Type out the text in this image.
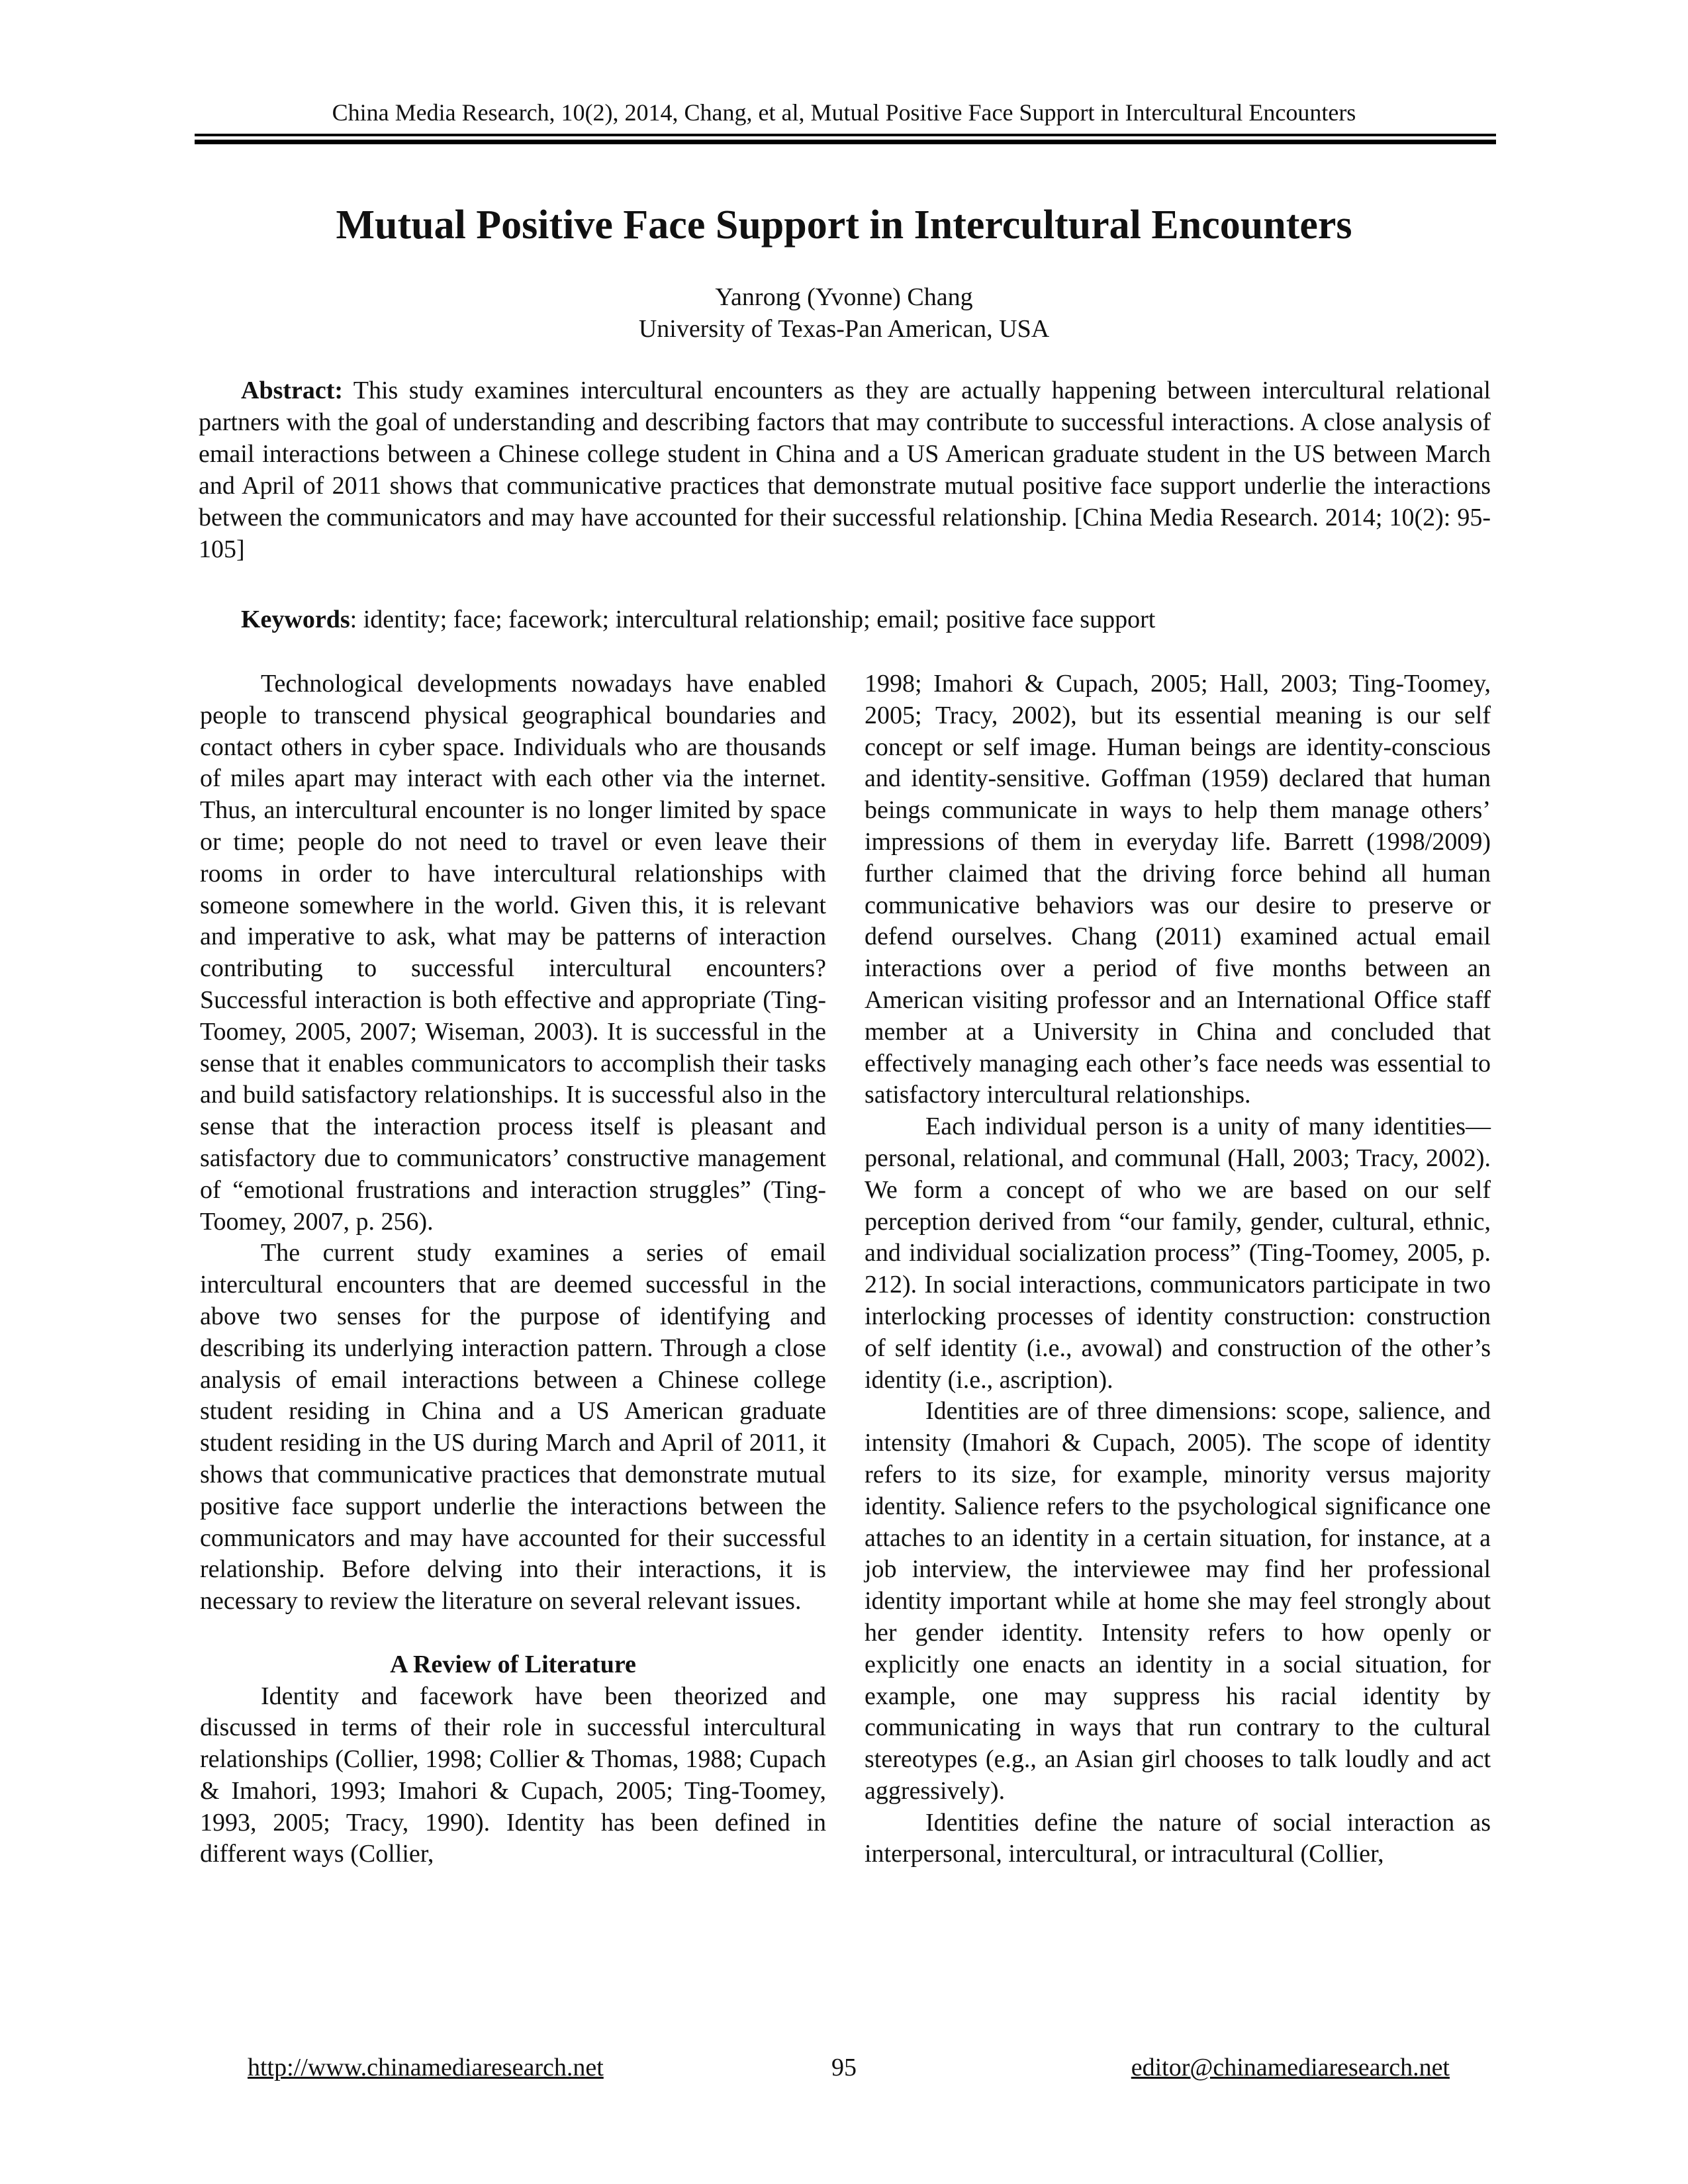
China Media Research, 10(2), 2014, Chang, et al, Mutual Positive Face Support in Intercultural Encounters
Mutual Positive Face Support in Intercultural Encounters
Yanrong (Yvonne) Chang
University of Texas-Pan American, USA

Abstract: This study examines intercultural encounters as they are actually happening between intercultural relational partners with the goal of understanding and describing factors that may contribute to successful interactions. A close analysis of email interactions between a Chinese college student in China and a US American graduate student in the US between March and April of 2011 shows that communicative practices that demonstrate mutual positive face support underlie the interactions between the communicators and may have accounted for their successful relationship. [China Media Research. 2014; 10(2): 95-105]

Keywords: identity; face; facework; intercultural relationship; email; positive face support

Technological developments nowadays have enabled people to transcend physical geographical boundaries and contact others in cyber space. Individuals who are thousands of miles apart may interact with each other via the internet. Thus, an intercultural encounter is no longer limited by space or time; people do not need to travel or even leave their rooms in order to have intercultural relationships with someone somewhere in the world. Given this, it is relevant and imperative to ask, what may be patterns of interaction contributing to successful intercultural encounters? Successful interaction is both effective and appropriate (Ting-Toomey, 2005, 2007; Wiseman, 2003). It is successful in the sense that it enables communicators to accomplish their tasks and build satisfactory relationships. It is successful also in the sense that the interaction process itself is pleasant and satisfactory due to communicators’ constructive management of “emotional frustrations and interaction struggles” (Ting-Toomey, 2007, p. 256).

The current study examines a series of email intercultural encounters that are deemed successful in the above two senses for the purpose of identifying and describing its underlying interaction pattern. Through a close analysis of email interactions between a Chinese college student residing in China and a US American graduate student residing in the US during March and April of 2011, it shows that communicative practices that demonstrate mutual positive face support underlie the interactions between the communicators and may have accounted for their successful relationship. Before delving into their interactions, it is necessary to review the literature on several relevant issues.

A Review of Literature

Identity and facework have been theorized and discussed in terms of their role in successful intercultural relationships (Collier, 1998; Collier & Thomas, 1988; Cupach & Imahori, 1993; Imahori & Cupach, 2005; Ting-Toomey, 1993, 2005; Tracy, 1990). Identity has been defined in different ways (Collier,

1998; Imahori & Cupach, 2005; Hall, 2003; Ting-Toomey, 2005; Tracy, 2002), but its essential meaning is our self concept or self image. Human beings are identity-conscious and identity-sensitive. Goffman (1959) declared that human beings communicate in ways to help them manage others’ impressions of them in everyday life. Barrett (1998/2009) further claimed that the driving force behind all human communicative behaviors was our desire to preserve or defend ourselves. Chang (2011) examined actual email interactions over a period of five months between an American visiting professor and an International Office staff member at a University in China and concluded that effectively managing each other’s face needs was essential to satisfactory intercultural relationships.

Each individual person is a unity of many identities—personal, relational, and communal (Hall, 2003; Tracy, 2002). We form a concept of who we are based on our self perception derived from “our family, gender, cultural, ethnic, and individual socialization process” (Ting-Toomey, 2005, p. 212). In social interactions, communicators participate in two interlocking processes of identity construction: construction of self identity (i.e., avowal) and construction of the other’s identity (i.e., ascription).

Identities are of three dimensions: scope, salience, and intensity (Imahori & Cupach, 2005). The scope of identity refers to its size, for example, minority versus majority identity. Salience refers to the psychological significance one attaches to an identity in a certain situation, for instance, at a job interview, the interviewee may find her professional identity important while at home she may feel strongly about her gender identity. Intensity refers to how openly or explicitly one enacts an identity in a social situation, for example, one may suppress his racial identity by communicating in ways that run contrary to the cultural stereotypes (e.g., an Asian girl chooses to talk loudly and act aggressively).

Identities define the nature of social interaction as interpersonal, intercultural, or intracultural (Collier,

http://www.chinamediaresearch.net	95	editor@chinamediaresearch.net
